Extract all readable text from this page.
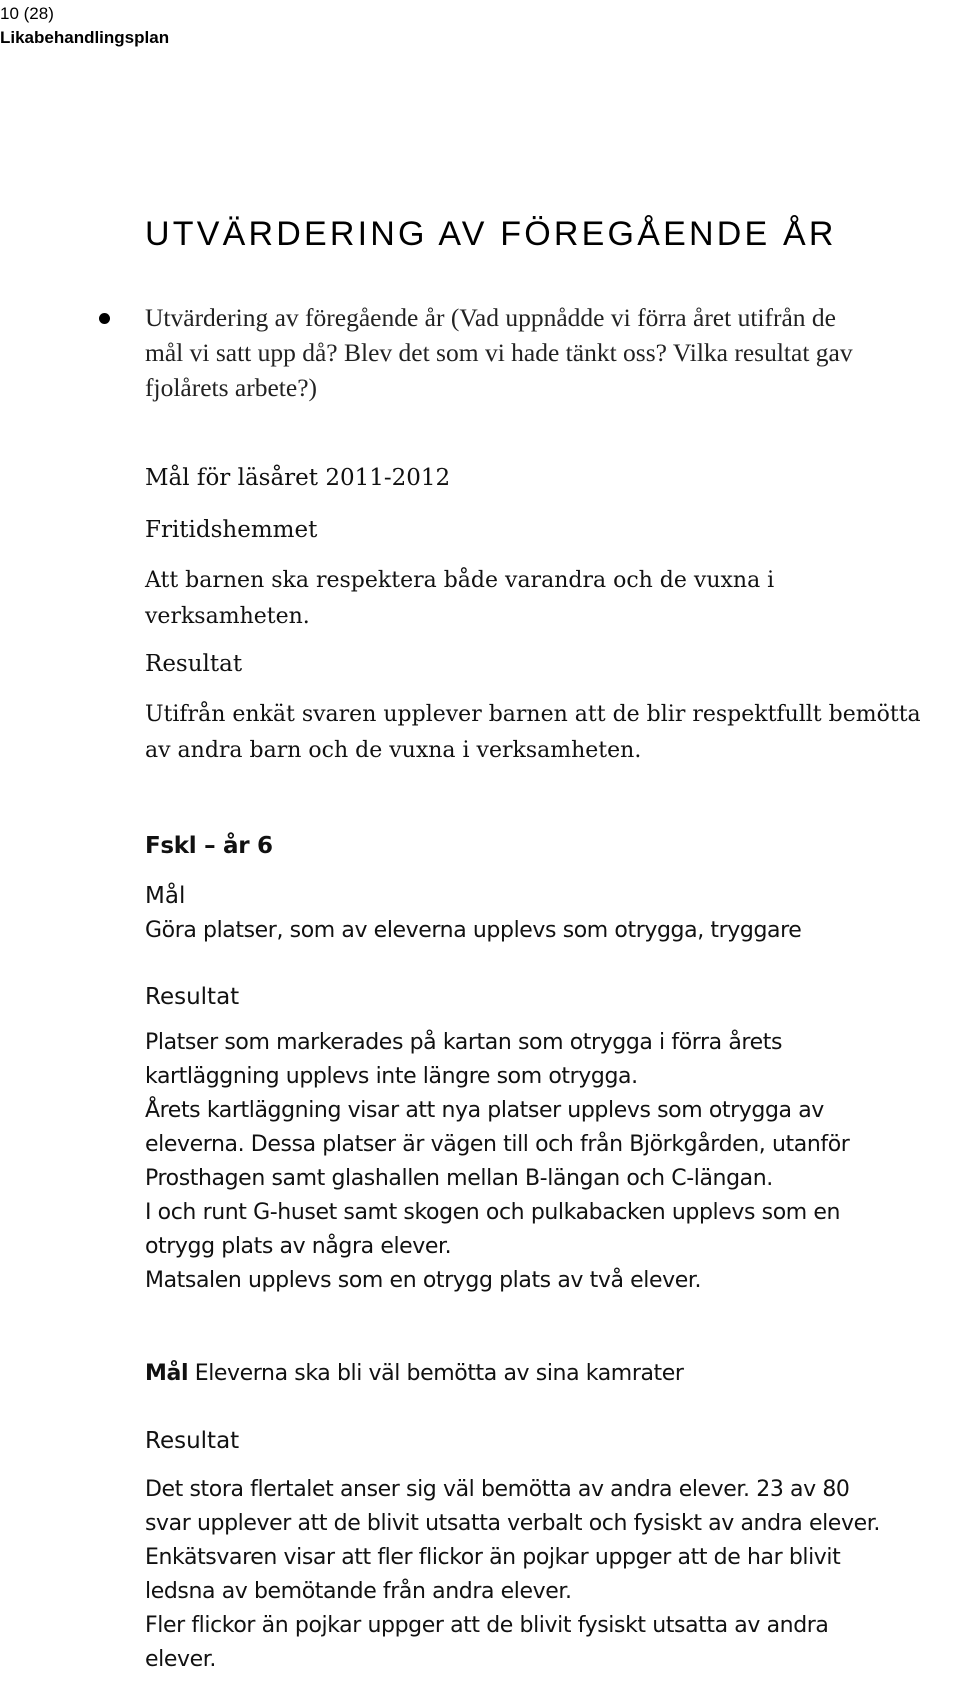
10 (28)
Likabehandlingsplan
UTVÄRDERING AV FÖREGÅENDE ÅR
Utvärdering av föregående år (Vad uppnådde vi förra året utifrån de
mål vi satt upp då? Blev det som vi hade tänkt oss? Vilka resultat gav
fjolårets arbete?)
Mål för läsåret 2011-2012
Fritidshemmet
Att barnen ska respektera både varandra och de vuxna i
verksamheten.
Resultat
Utifrån enkät svaren upplever barnen att de blir respektfullt bemötta
av andra barn och de vuxna i verksamheten.
Fskl – år 6
Mål
Göra platser, som av eleverna upplevs som otrygga, tryggare
Resultat
Platser som markerades på kartan som otrygga i förra årets
kartläggning upplevs inte längre som otrygga.
Årets kartläggning visar att nya platser upplevs som otrygga av
eleverna. Dessa platser är vägen till och från Björkgården, utanför
Prosthagen samt glashallen mellan B-längan och C-längan.
I och runt G-huset samt skogen och pulkabacken upplevs som en
otrygg plats av några elever.
Matsalen upplevs som en otrygg plats av två elever.
Mål Eleverna ska bli väl bemötta av sina kamrater
Resultat
Det stora flertalet anser sig väl bemötta av andra elever. 23 av 80
svar upplever att de blivit utsatta verbalt och fysiskt av andra elever.
Enkätsvaren visar att fler flickor än pojkar uppger att de har blivit
ledsna av bemötande från andra elever.
Fler flickor än pojkar uppger att de blivit fysiskt utsatta av andra
elever.
